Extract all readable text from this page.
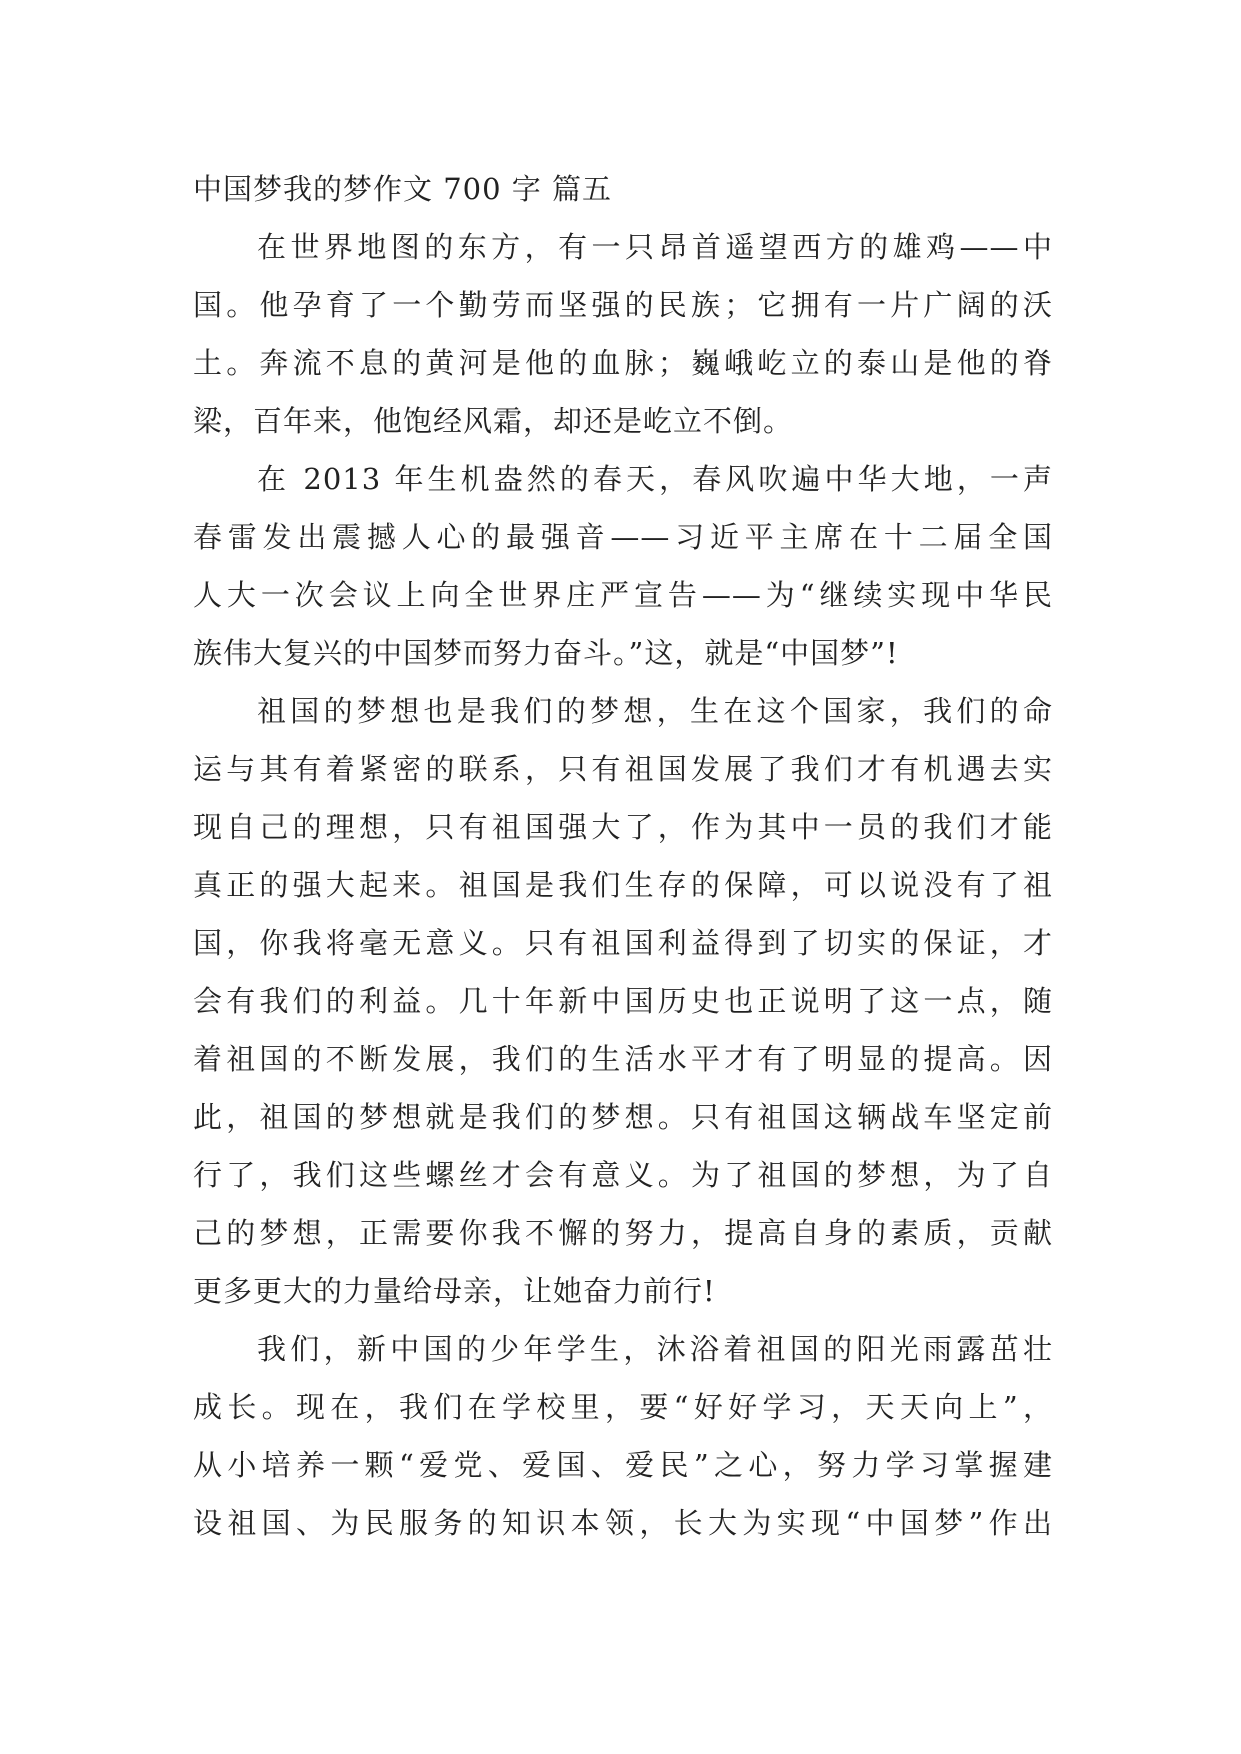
中国梦我的梦作文 700 字 篇五

在世界地图的东方，有一只昂首遥望西方的雄鸡——中
国。他孕育了一个勤劳而坚强的民族；它拥有一片广阔的沃
土。奔流不息的黄河是他的血脉；巍峨屹立的泰山是他的脊
梁，百年来，他饱经风霜，却还是屹立不倒。

在 2013 年生机盎然的春天，春风吹遍中华大地，一声
春雷发出震撼人心的最强音——习近平主席在十二届全国
人大一次会议上向全世界庄严宣告——为“继续实现中华民
族伟大复兴的中国梦而努力奋斗。”这，就是“中国梦”!

祖国的梦想也是我们的梦想，生在这个国家，我们的命
运与其有着紧密的联系，只有祖国发展了我们才有机遇去实
现自己的理想，只有祖国强大了，作为其中一员的我们才能
真正的强大起来。祖国是我们生存的保障，可以说没有了祖
国，你我将毫无意义。只有祖国利益得到了切实的保证，才
会有我们的利益。几十年新中国历史也正说明了这一点，随
着祖国的不断发展，我们的生活水平才有了明显的提高。因
此，祖国的梦想就是我们的梦想。只有祖国这辆战车坚定前
行了，我们这些螺丝才会有意义。为了祖国的梦想，为了自
己的梦想，正需要你我不懈的努力，提高自身的素质，贡献
更多更大的力量给母亲，让她奋力前行!

我们，新中国的少年学生，沐浴着祖国的阳光雨露茁壮
成长。现在，我们在学校里，要“好好学习，天天向上”，
从小培养一颗“爱党、爱国、爱民”之心，努力学习掌握建
设祖国、为民服务的知识本领，长大为实现“中国梦”作出
